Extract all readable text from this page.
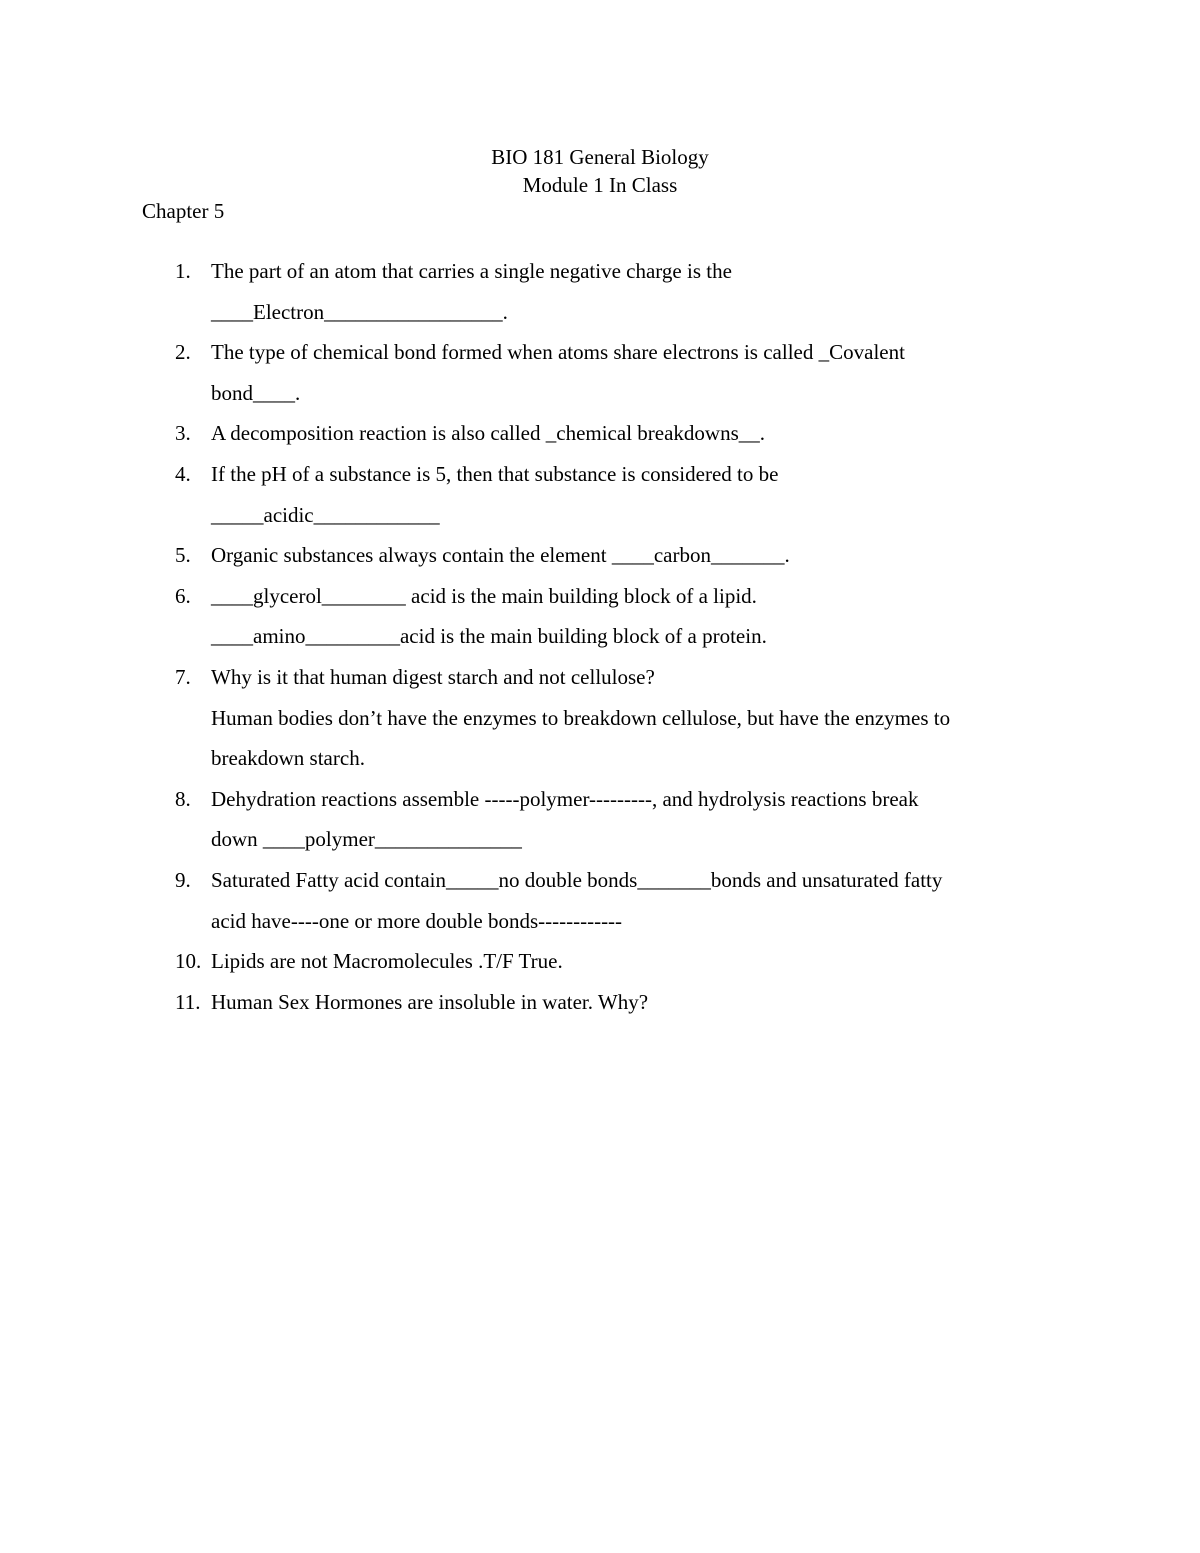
BIO 181 General Biology
Module 1 In Class
Chapter 5
1. The part of an atom that carries a single negative charge is the
____Electron_________________.
2. The type of chemical bond formed when atoms share electrons is called _Covalent
bond____.
3. A decomposition reaction is also called _chemical breakdowns__.
4. If the pH of a substance is 5, then that substance is considered to be
_____acidic____________
5. Organic substances always contain the element ____carbon_______.
6. ____glycerol________ acid is the main building block of a lipid.
____amino_________acid is the main building block of a protein.
7. Why is it that human digest starch and not cellulose?
Human bodies don’t have the enzymes to breakdown cellulose, but have the enzymes to
breakdown starch.
8. Dehydration reactions assemble -----polymer---------, and hydrolysis reactions break
down ____polymer______________
9. Saturated Fatty acid contain_____no double bonds_______bonds and unsaturated fatty
acid have----one or more double bonds------------
10. Lipids are not Macromolecules .T/F True.
11. Human Sex Hormones are insoluble in water. Why?
